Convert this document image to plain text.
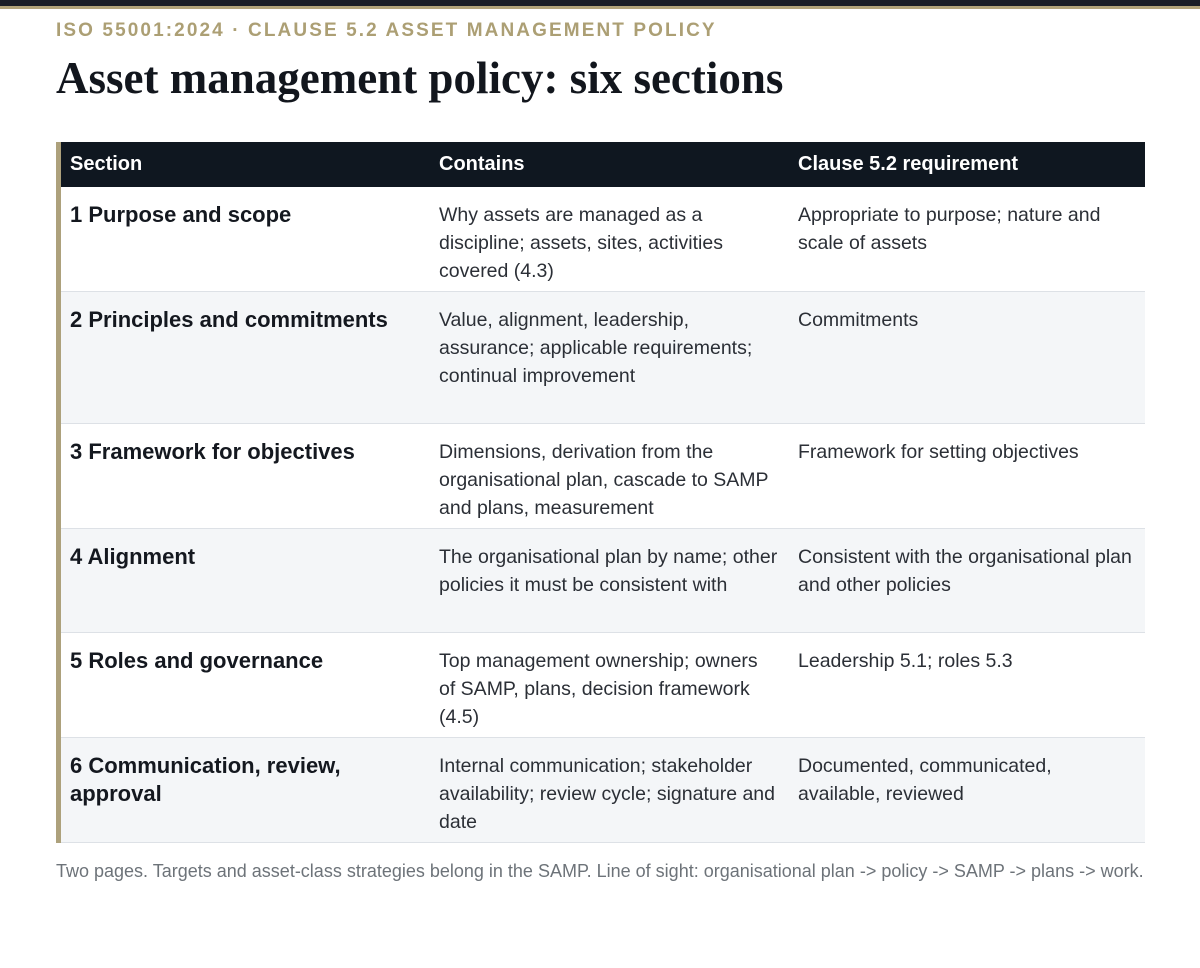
ISO 55001:2024 · CLAUSE 5.2 ASSET MANAGEMENT POLICY
Asset management policy: six sections
Section	Contains	Clause 5.2 requirement
1 Purpose and scope	Why assets are managed as a discipline; assets, sites, activities covered (4.3)	Appropriate to purpose; nature and scale of assets
2 Principles and commitments	Value, alignment, leadership, assurance; applicable requirements; continual improvement	Commitments
3 Framework for objectives	Dimensions, derivation from the organisational plan, cascade to SAMP and plans, measurement	Framework for setting objectives
4 Alignment	The organisational plan by name; other policies it must be consistent with	Consistent with the organisational plan and other policies
5 Roles and governance	Top management ownership; owners of SAMP, plans, decision framework (4.5)	Leadership 5.1; roles 5.3
6 Communication, review, approval	Internal communication; stakeholder availability; review cycle; signature and date	Documented, communicated, available, reviewed
Two pages. Targets and asset-class strategies belong in the SAMP. Line of sight: organisational plan -> policy -> SAMP -> plans -> work.
